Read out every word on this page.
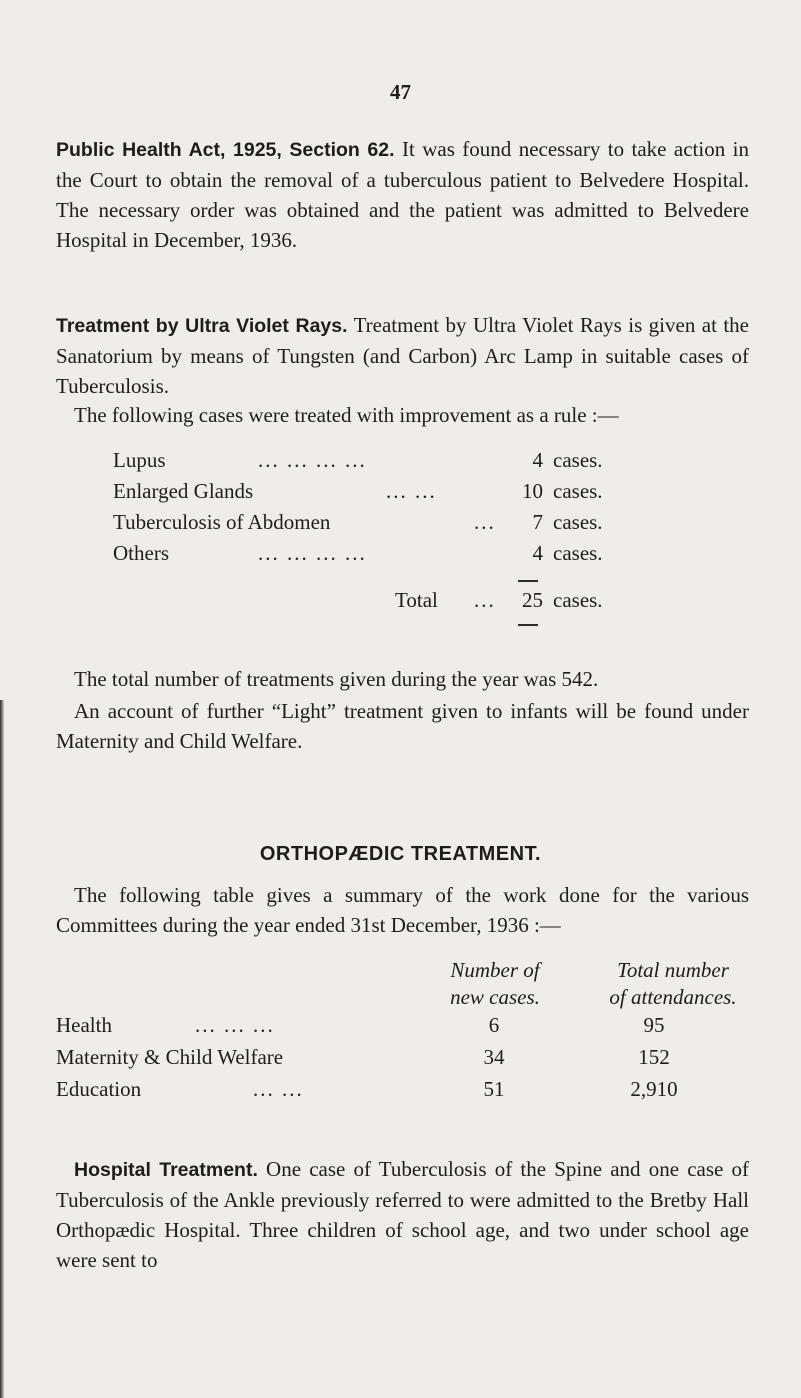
47
Public Health Act, 1925, Section 62. It was found necessary to take action in the Court to obtain the removal of a tuberculous patient to Belvedere Hospital. The necessary order was obtained and the patient was admitted to Belvedere Hospital in December, 1936.
Treatment by Ultra Violet Rays. Treatment by Ultra Violet Rays is given at the Sanatorium by means of Tungsten (and Carbon) Arc Lamp in suitable cases of Tuberculosis.
The following cases were treated with improvement as a rule :—
Lupus	... ... ... ...	4 cases.
Enlarged Glands	... ...	10 cases.
Tuberculosis of Abdomen	...	7 cases.
Others	... ... ... ...	4 cases.
Total ...	25 cases.
The total number of treatments given during the year was 542.
An account of further “Light” treatment given to infants will be found under Maternity and Child Welfare.
ORTHOPÆDIC TREATMENT.
The following table gives a summary of the work done for the various Committees during the year ended 31st December, 1936 :—
Number of
new cases.
Total number
of attendances.
Health	... ... ...	6	95
Maternity & Child Welfare	34	152
Education	... ...	51	2,910
Hospital Treatment. One case of Tuberculosis of the Spine and one case of Tuberculosis of the Ankle previously referred to were admitted to the Bretby Hall Orthopædic Hospital. Three children of school age, and two under school age were sent to
